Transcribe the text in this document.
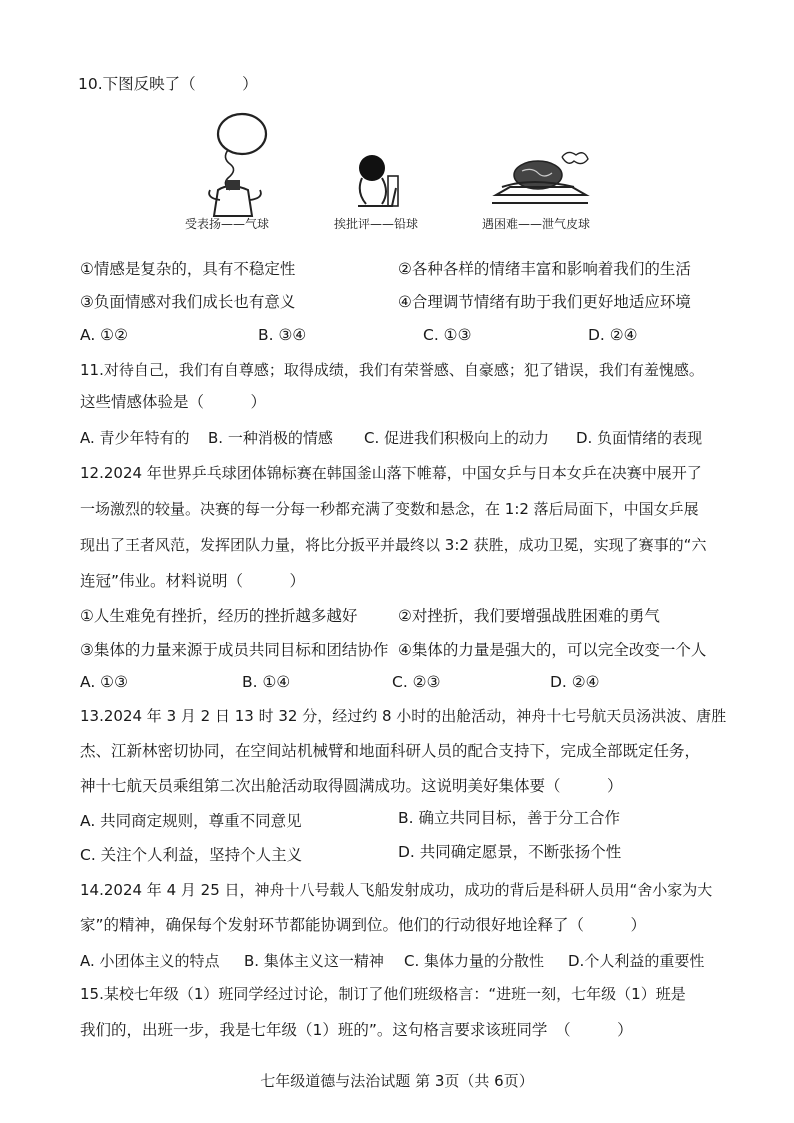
10.下图反映了（　　　）
受表扬——气球	挨批评——铅球	遇困难——泄气皮球
①情感是复杂的，具有不稳定性	②各种各样的情绪丰富和影响着我们的生活
③负面情感对我们成长也有意义	④合理调节情绪有助于我们更好地适应环境
A. ①②	B. ③④	C. ①③	D. ②④
11.对待自己，我们有自尊感；取得成绩，我们有荣誉感、自豪感；犯了错误，我们有羞愧感。
这些情感体验是（　　　）
A. 青少年特有的 B. 一种消极的情感 C. 促进我们积极向上的动力 D. 负面情绪的表现
12.2024 年世界乒乓球团体锦标赛在韩国釜山落下帷幕，中国女乒与日本女乒在决赛中展开了
一场激烈的较量。决赛的每一分每一秒都充满了变数和悬念，在 1:2 落后局面下，中国女乒展
现出了王者风范，发挥团队力量，将比分扳平并最终以 3:2 获胜，成功卫冕，实现了赛事的“六
连冠”伟业。材料说明（　　　）
①人生难免有挫折，经历的挫折越多越好	②对挫折，我们要增强战胜困难的勇气
③集体的力量来源于成员共同目标和团结协作 ④集体的力量是强大的，可以完全改变一个人
A. ①③	B. ①④	C. ②③	D. ②④
13.2024 年 3 月 2 日 13 时 32 分，经过约 8 小时的出舱活动，神舟十七号航天员汤洪波、唐胜
杰、江新林密切协同，在空间站机械臂和地面科研人员的配合支持下，完成全部既定任务，
神十七航天员乘组第二次出舱活动取得圆满成功。这说明美好集体要（　　　）
A. 共同商定规则，尊重不同意见	B. 确立共同目标，善于分工合作
C. 关注个人利益，坚持个人主义	D. 共同确定愿景，不断张扬个性
14.2024 年 4 月 25 日，神舟十八号载人飞船发射成功，成功的背后是科研人员用“舍小家为大
家”的精神，确保每个发射环节都能协调到位。他们的行动很好地诠释了（　　　）
A. 小团体主义的特点 B. 集体主义这一精神 C. 集体力量的分散性 D.个人利益的重要性
15.某校七年级（1）班同学经过讨论，制订了他们班级格言：“进班一刻，七年级（1）班是
我们的，出班一步，我是七年级（1）班的”。这句格言要求该班同学　（　　　）
七年级道德与法治试题 第 3页（共 6页）
